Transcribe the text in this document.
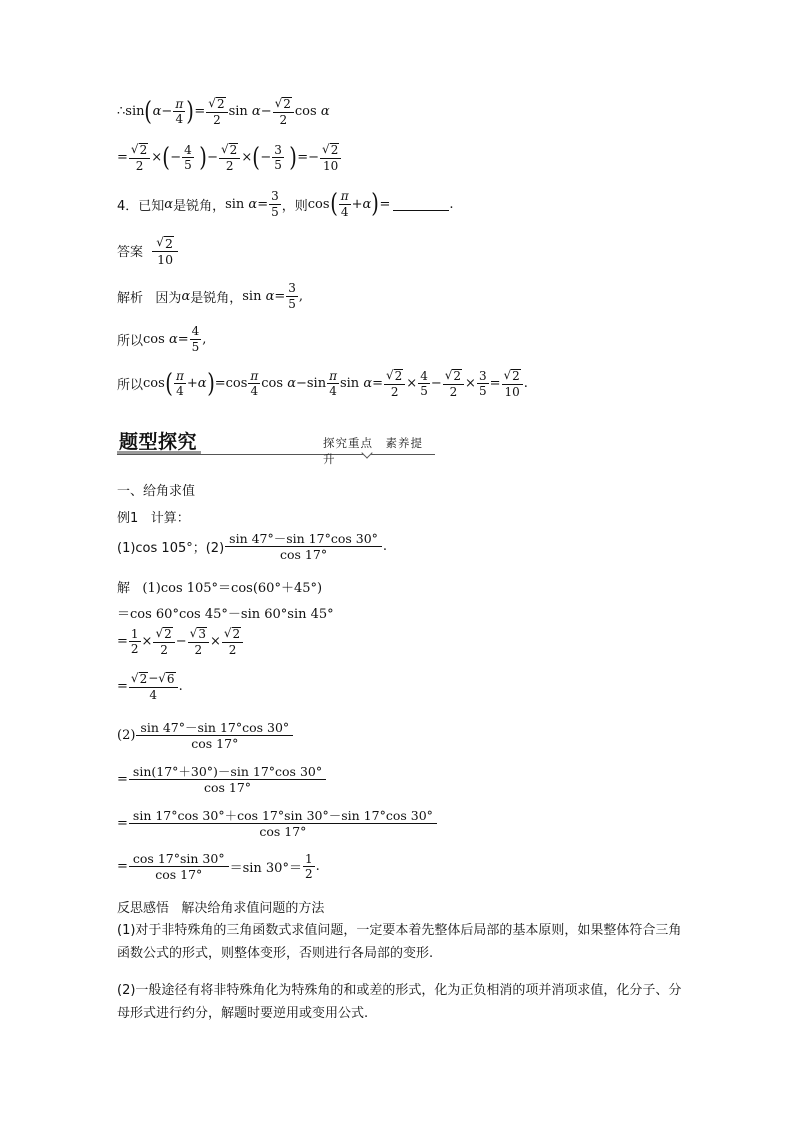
∴ sin ( $\alpha - \frac{\pi}{4}$ ) = $\frac{√ 2}{2}$ sin
$\alpha - \frac{√ 2}{2}$ cos
α
= $\frac{√ 2}{2}$ × ( − $\frac{4}{5}$
) − $\frac{√ 2}{2}$ × ( − $\frac{3}{5}$
) = − $\frac{√ 2}{10}$
4．已知 α 是锐角， sin
$\alpha = \frac{3}{5}$ ，则 cos ( $\frac{\pi}{4} + \alpha$ ) =	.
答案
$\frac{√ 2}{10}$
解析
因为 α 是锐角， sin
$\alpha = \frac{3}{5}$ ,
所以 cos
$\alpha = \frac{4}{5}$ ,
所以 cos ( $\frac{\pi}{4} + \alpha$ ) = $\cos \frac{\pi}{4}$ cos
$\alpha - \sin \frac{\pi}{4}$ sin
$\alpha = \frac{√ 2}{2} \times \frac{4}{5} - \frac{√ 2}{2} \times \frac{3}{5} = \frac{√ 2}{10}$ .
题型探究	探究重点　素养提升
一、给角求值
例1
计算：
(1)cos 105°；$(2) \frac{\sin 47^\circ-\sin 17^\circ\cos 30^\circ}{\cos 17^\circ}$ .
解
(1)cos 105°＝cos(60°＋45°)
＝cos 60°cos 45°－sin 60°sin 45°
= $\frac{1}{2} \times \frac{√ 2}{2} - \frac{√ 3}{2} \times \frac{√ 2}{2}$
= $\frac{√ 2 - √ 6}{4}$ .
$(2) \frac{\sin 47^\circ-\sin 17^\circ\cos 30^\circ}{\cos 17^\circ}$
= $\frac{\sin(17^\circ+30^\circ)-\sin 17^\circ\cos 30^\circ}{\cos 17^\circ}$
= $\frac{\sin 17^\circ\cos 30^\circ+\cos 17^\circ\sin 30^\circ-\sin 17^\circ\cos 30^\circ}{\cos 17^\circ}$
= $\frac{\cos 17^\circ\sin 30^\circ}{\cos 17^\circ} =\sin$ $30^\circ= \frac{1}{2}$ .
反思感悟
解决给角求值问题的方法
(1)对于非特殊角的三角函数式求值问题，一定要本着先整体后局部的基本原则，如果整体符合三角函数公式的形式，则整体变形，否则进行各局部的变形.
(2)一般途径有将非特殊角化为特殊角的和或差的形式，化为正负相消的项并消项求值，化分子、分母形式进行约分，解题时要逆用或变用公式.
